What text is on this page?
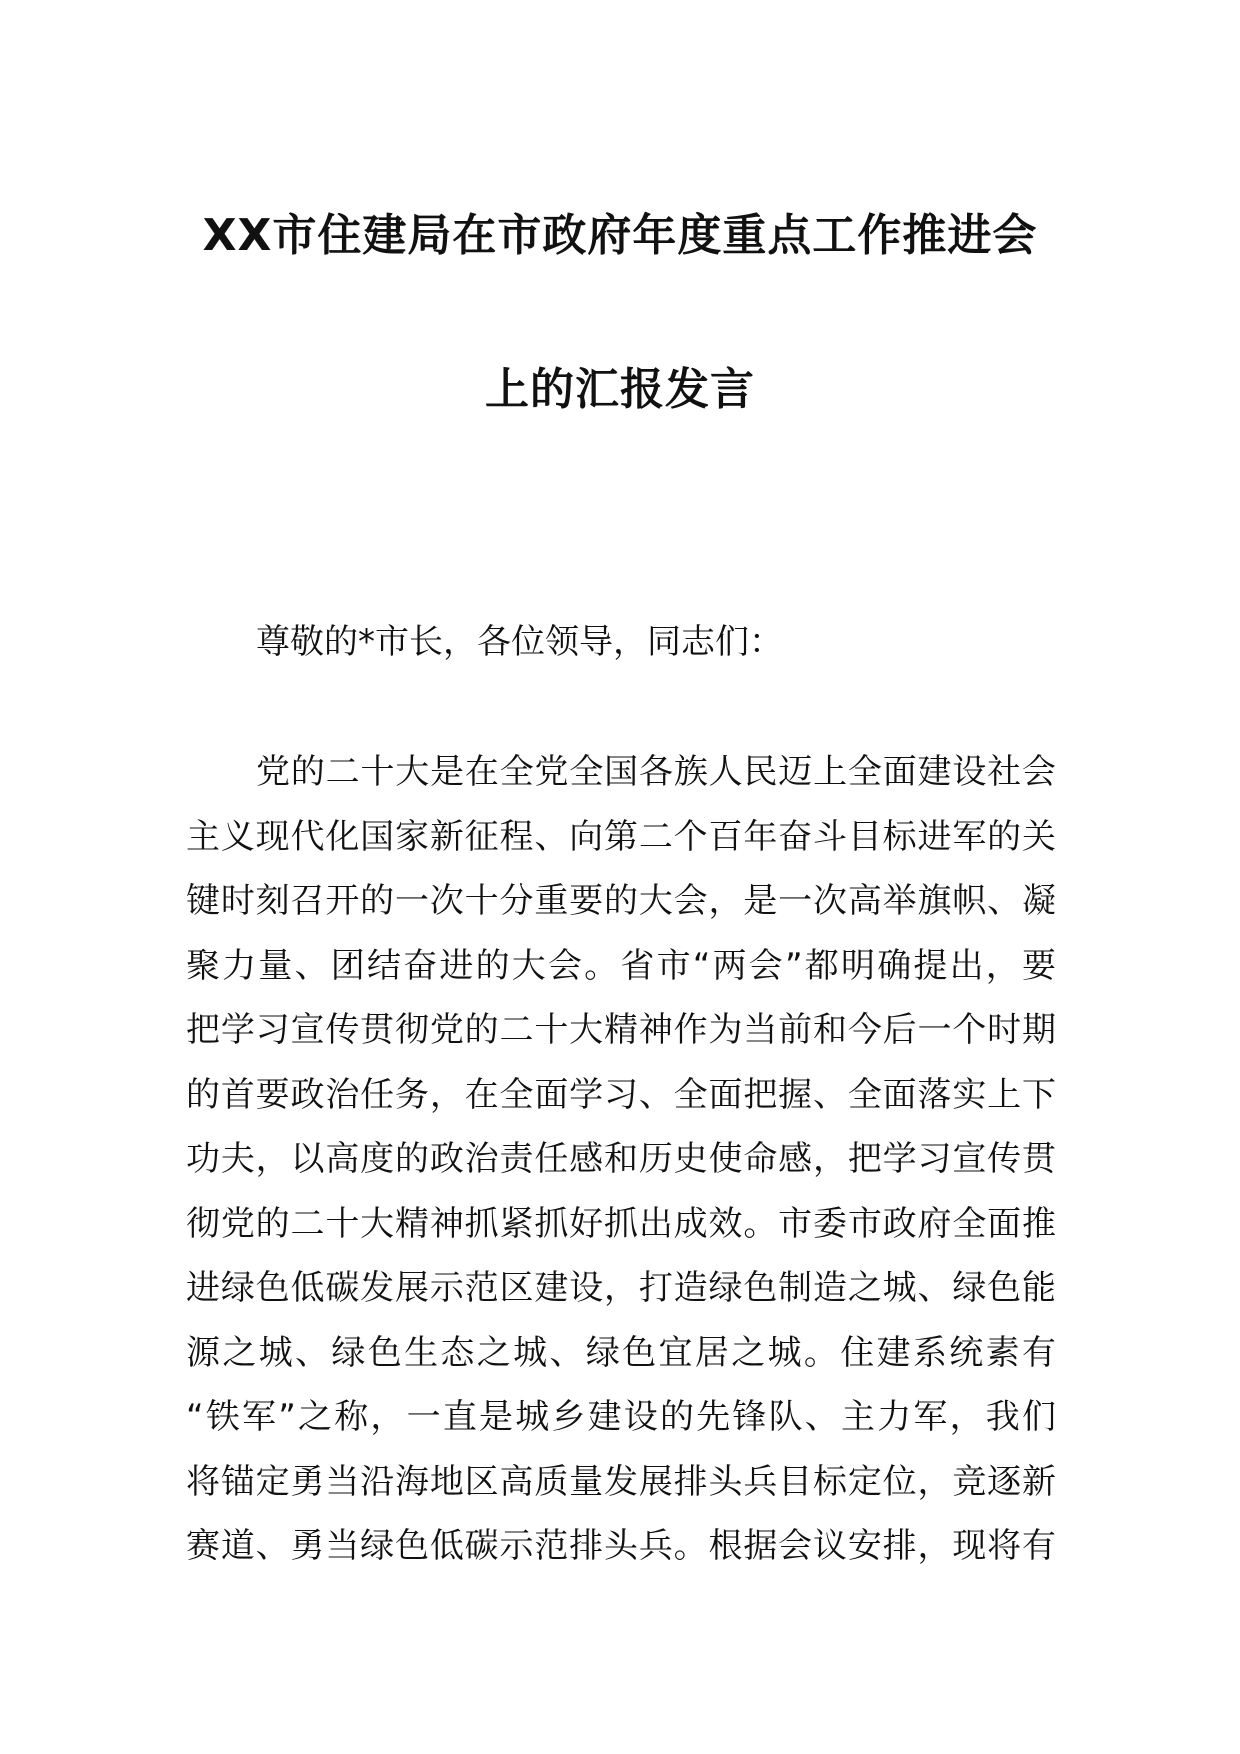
XX市住建局在市政府年度重点工作推进会
上的汇报发言
尊敬的*市长，各位领导，同志们：
党的二十大是在全党全国各族人民迈上全面建设社会
主义现代化国家新征程、向第二个百年奋斗目标进军的关
键时刻召开的一次十分重要的大会，是一次高举旗帜、凝
聚力量、团结奋进的大会。省市“两会”都明确提出，要
把学习宣传贯彻党的二十大精神作为当前和今后一个时期
的首要政治任务，在全面学习、全面把握、全面落实上下
功夫，以高度的政治责任感和历史使命感，把学习宣传贯
彻党的二十大精神抓紧抓好抓出成效。市委市政府全面推
进绿色低碳发展示范区建设，打造绿色制造之城、绿色能
源之城、绿色生态之城、绿色宜居之城。住建系统素有
“铁军”之称，一直是城乡建设的先锋队、主力军，我们
将锚定勇当沿海地区高质量发展排头兵目标定位，竞逐新
赛道、勇当绿色低碳示范排头兵。根据会议安排，现将有
